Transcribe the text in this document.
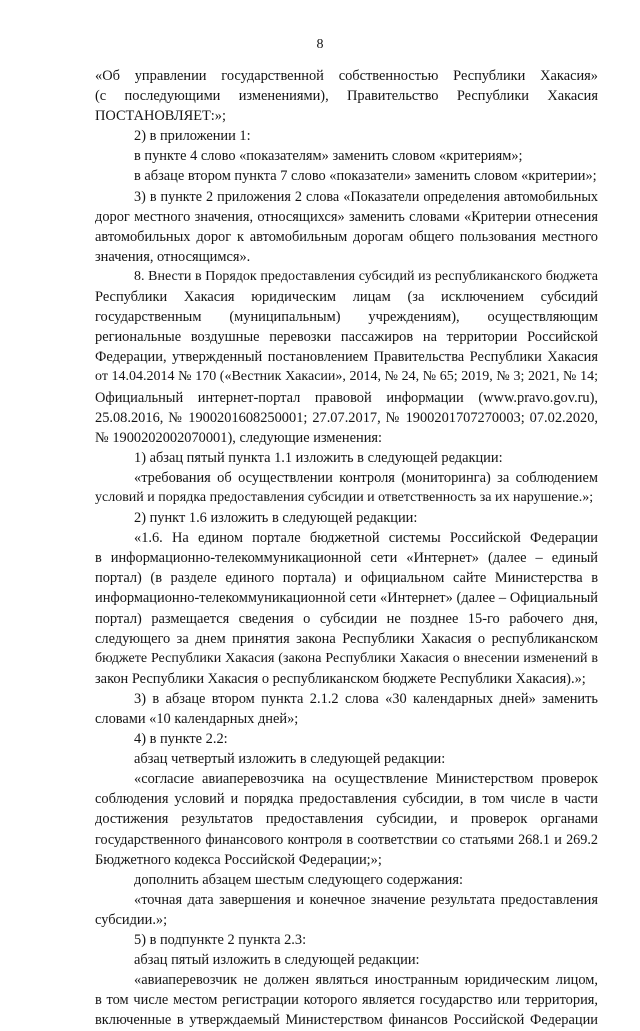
8
«Об управлении государственной собственностью Республики Хакасия»
(с последующими изменениями), Правительство Республики Хакасия
ПОСТАНОВЛЯЕТ:»;
2) в приложении 1:
в пункте 4 слово «показателям» заменить словом «критериям»;
в абзаце втором пункта 7 слово «показатели» заменить словом «критерии»;
3) в пункте 2 приложения 2 слова «Показатели определения автомобильных
дорог местного значения, относящихся» заменить словами «Критерии отнесения
автомобильных дорог к автомобильным дорогам общего пользования местного
значения, относящимся».
8. Внести в Порядок предоставления субсидий из республиканского бюджета
Республики Хакасия юридическим лицам (за исключением субсидий
государственным (муниципальным) учреждениям), осуществляющим
региональные воздушные перевозки пассажиров на территории Российской
Федерации, утвержденный постановлением Правительства Республики Хакасия
от 14.04.2014 № 170 («Вестник Хакасии», 2014, № 24, № 65; 2019, № 3; 2021, № 14;
Официальный интернет-портал правовой информации (www.pravo.gov.ru),
25.08.2016, № 1900201608250001; 27.07.2017, № 1900201707270003; 07.02.2020,
№ 1900202002070001), следующие изменения:
1) абзац пятый пункта 1.1 изложить в следующей редакции:
«требования об осуществлении контроля (мониторинга) за соблюдением
условий и порядка предоставления субсидии и ответственность за их нарушение.»;
2) пункт 1.6 изложить в следующей редакции:
«1.6. На едином портале бюджетной системы Российской Федерации
в информационно-телекоммуникационной сети «Интернет» (далее – единый
портал) (в разделе единого портала) и официальном сайте Министерства в
информационно-телекоммуникационной сети «Интернет» (далее – Официальный
портал) размещается сведения о субсидии не позднее 15-го рабочего дня,
следующего за днем принятия закона Республики Хакасия о республиканском
бюджете Республики Хакасия (закона Республики Хакасия о внесении изменений в
закон Республики Хакасия о республиканском бюджете Республики Хакасия).»;
3) в абзаце втором пункта 2.1.2 слова «30 календарных дней» заменить
словами «10 календарных дней»;
4) в пункте 2.2:
абзац четвертый изложить в следующей редакции:
«согласие авиаперевозчика на осуществление Министерством проверок
соблюдения условий и порядка предоставления субсидии, в том числе в части
достижения результатов предоставления субсидии, и проверок органами
государственного финансового контроля в соответствии со статьями 268.1 и 269.2
Бюджетного кодекса Российской Федерации;»;
дополнить абзацем шестым следующего содержания:
«точная дата завершения и конечное значение результата предоставления
субсидии.»;
5) в подпункте 2 пункта 2.3:
абзац пятый изложить в следующей редакции:
«авиаперевозчик не должен являться иностранным юридическим лицом,
в том числе местом регистрации которого является государство или территория,
включенные в утверждаемый Министерством финансов Российской Федерации
